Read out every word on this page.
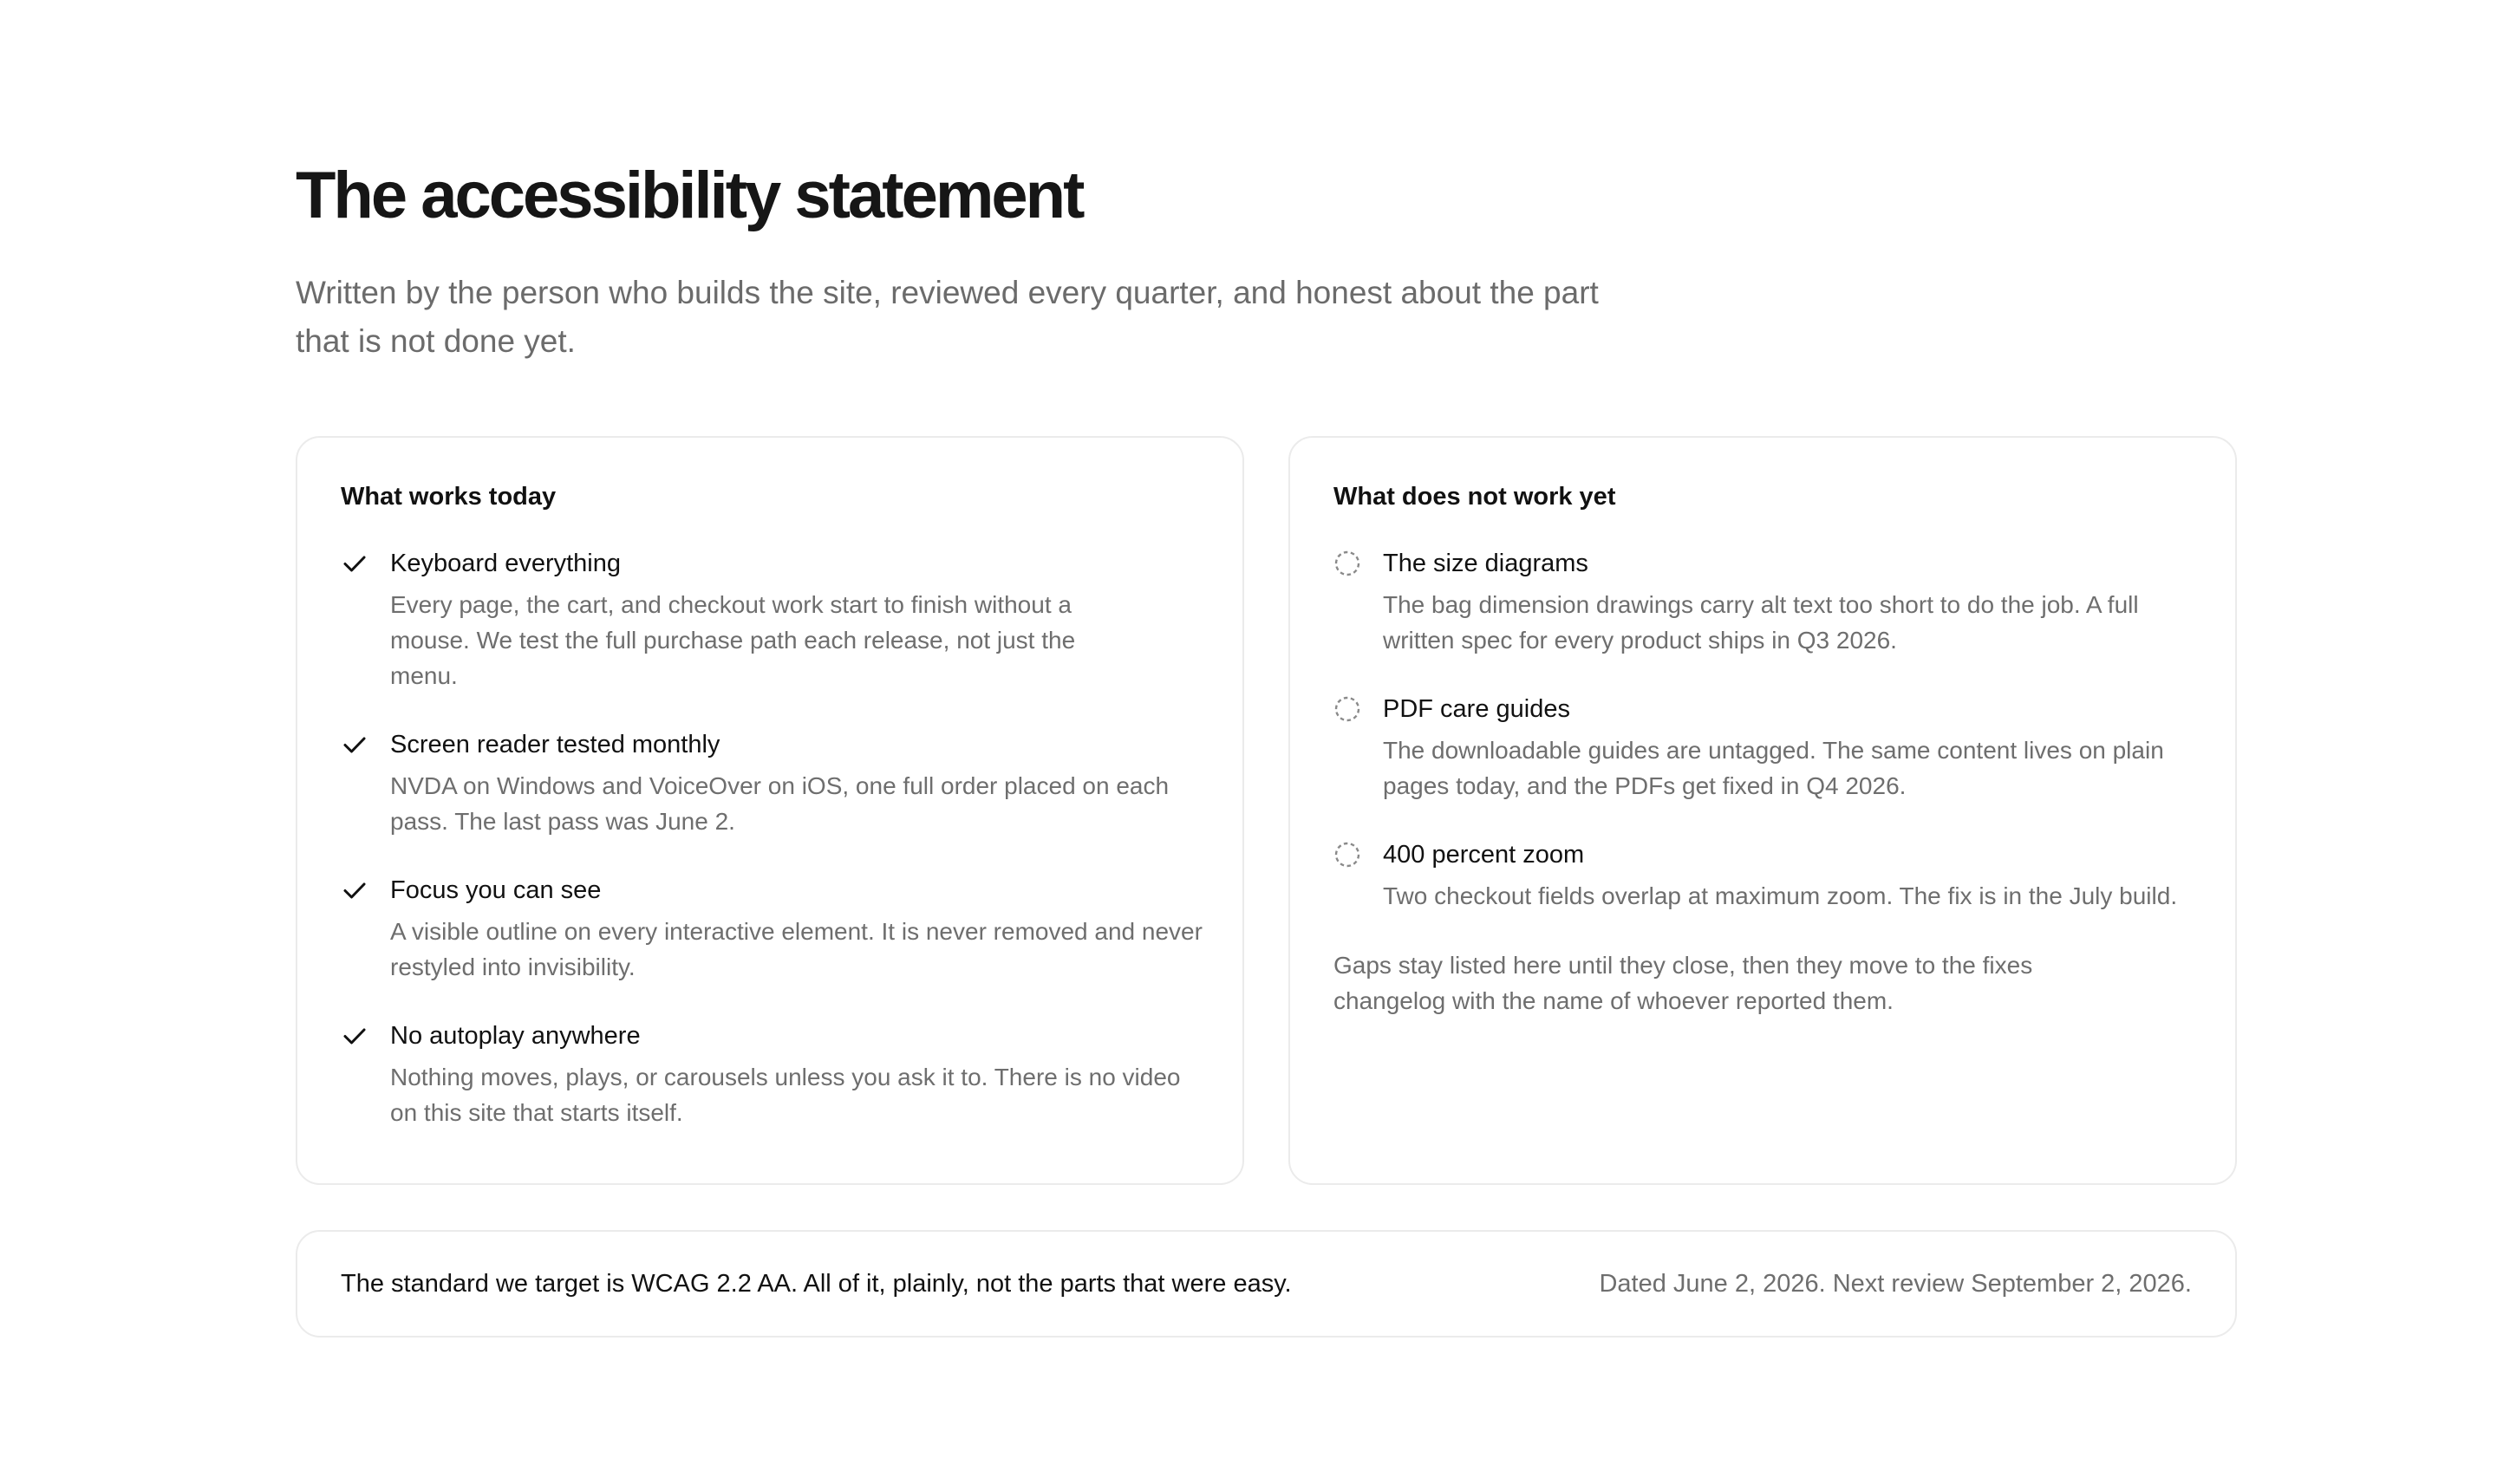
The accessibility statement

Written by the person who builds the site, reviewed every quarter, and honest about the part that is not done yet.

What works today
Keyboard everything
Every page, the cart, and checkout work start to finish without a mouse. We test the full purchase path each release, not just the menu.
Screen reader tested monthly
NVDA on Windows and VoiceOver on iOS, one full order placed on each pass. The last pass was June 2.
Focus you can see
A visible outline on every interactive element. It is never removed and never restyled into invisibility.
No autoplay anywhere
Nothing moves, plays, or carousels unless you ask it to. There is no video on this site that starts itself.
What does not work yet
The size diagrams
The bag dimension drawings carry alt text too short to do the job. A full written spec for every product ships in Q3 2026.
PDF care guides
The downloadable guides are untagged. The same content lives on plain pages today, and the PDFs get fixed in Q4 2026.
400 percent zoom
Two checkout fields overlap at maximum zoom. The fix is in the July build.

Gaps stay listed here until they close, then they move to the fixes changelog with the name of whoever reported them.

The standard we target is WCAG 2.2 AA. All of it, plainly, not the parts that were easy.	Dated June 2, 2026. Next review September 2, 2026.
